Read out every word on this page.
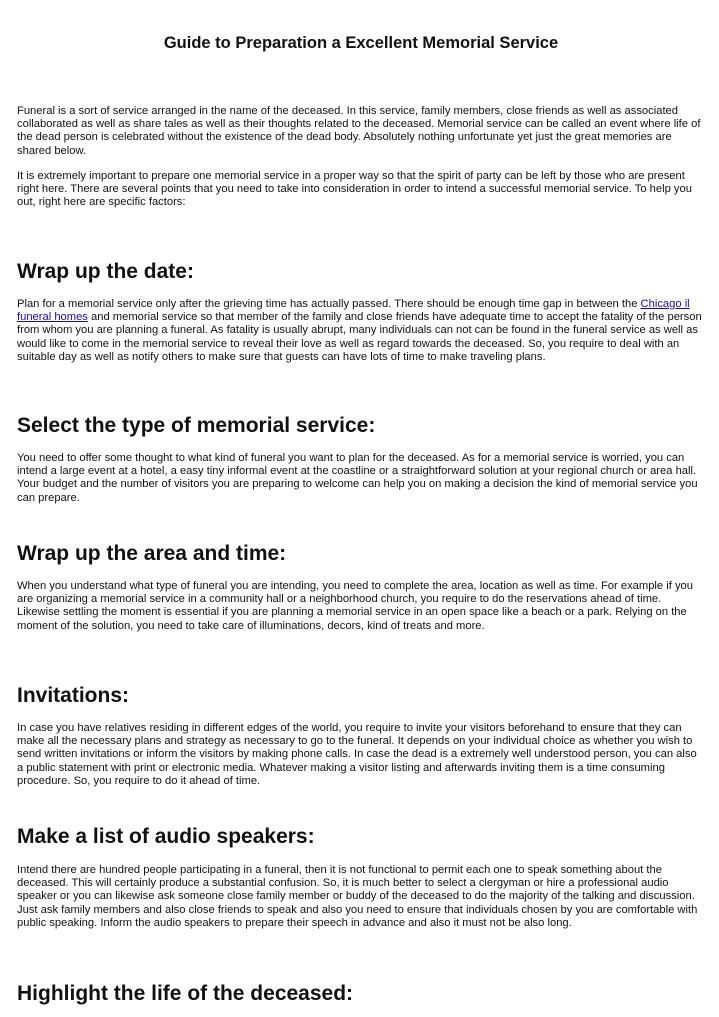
Guide to Preparation a Excellent Memorial Service

Funeral is a sort of service arranged in the name of the deceased. In this service, family members, close friends as well as associated collaborated as well as share tales as well as their thoughts related to the deceased. Memorial service can be called an event where life of the dead person is celebrated without the existence of the dead body. Absolutely nothing unfortunate yet just the great memories are shared below.

It is extremely important to prepare one memorial service in a proper way so that the spirit of party can be left by those who are present right here. There are several points that you need to take into consideration in order to intend a successful memorial service. To help you out, right here are specific factors:

Wrap up the date:

Plan for a memorial service only after the grieving time has actually passed. There should be enough time gap in between the Chicago il funeral homes and memorial service so that member of the family and close friends have adequate time to accept the fatality of the person from whom you are planning a funeral. As fatality is usually abrupt, many individuals can not can be found in the funeral service as well as would like to come in the memorial service to reveal their love as well as regard towards the deceased. So, you require to deal with an suitable day as well as notify others to make sure that guests can have lots of time to make traveling plans.

Select the type of memorial service:

You need to offer some thought to what kind of funeral you want to plan for the deceased. As for a memorial service is worried, you can intend a large event at a hotel, a easy tiny informal event at the coastline or a straightforward solution at your regional church or area hall. Your budget and the number of visitors you are preparing to welcome can help you on making a decision the kind of memorial service you can prepare.

Wrap up the area and time:

When you understand what type of funeral you are intending, you need to complete the area, location as well as time. For example if you are organizing a memorial service in a community hall or a neighborhood church, you require to do the reservations ahead of time. Likewise settling the moment is essential if you are planning a memorial service in an open space like a beach or a park. Relying on the moment of the solution, you need to take care of illuminations, decors, kind of treats and more.

Invitations:

In case you have relatives residing in different edges of the world, you require to invite your visitors beforehand to ensure that they can make all the necessary plans and strategy as necessary to go to the funeral. It depends on your individual choice as whether you wish to send written invitations or inform the visitors by making phone calls. In case the dead is a extremely well understood person, you can also a public statement with print or electronic media. Whatever making a visitor listing and afterwards inviting them is a time consuming procedure. So, you require to do it ahead of time.

Make a list of audio speakers:

Intend there are hundred people participating in a funeral, then it is not functional to permit each one to speak something about the deceased. This will certainly produce a substantial confusion. So, it is much better to select a clergyman or hire a professional audio speaker or you can likewise ask someone close family member or buddy of the deceased to do the majority of the talking and discussion. Just ask family members and also close friends to speak and also you need to ensure that individuals chosen by you are comfortable with public speaking. Inform the audio speakers to prepare their speech in advance and also it must not be also long.

Highlight the life of the deceased:
